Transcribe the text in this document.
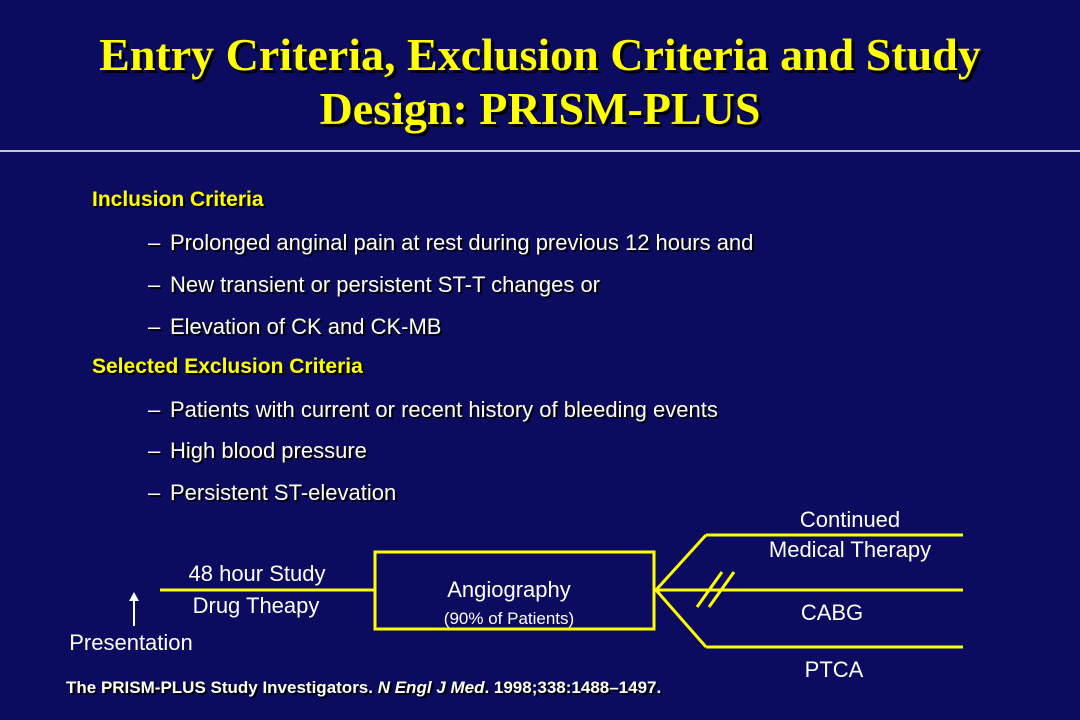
Entry Criteria, Exclusion Criteria and Study
Design: PRISM-PLUS
Inclusion Criteria
– Prolonged anginal pain at rest during previous 12 hours and
– New transient or persistent ST-T changes or
– Elevation of CK and CK-MB
Selected Exclusion Criteria
– Patients with current or recent history of bleeding events
– High blood pressure
– Persistent ST-elevation
48 hour Study
Drug Theapy
Presentation
Angiography
(90% of Patients)
Continued
Medical Therapy
CABG
PTCA
The PRISM-PLUS Study Investigators. N Engl J Med. 1998;338:1488–1497.
